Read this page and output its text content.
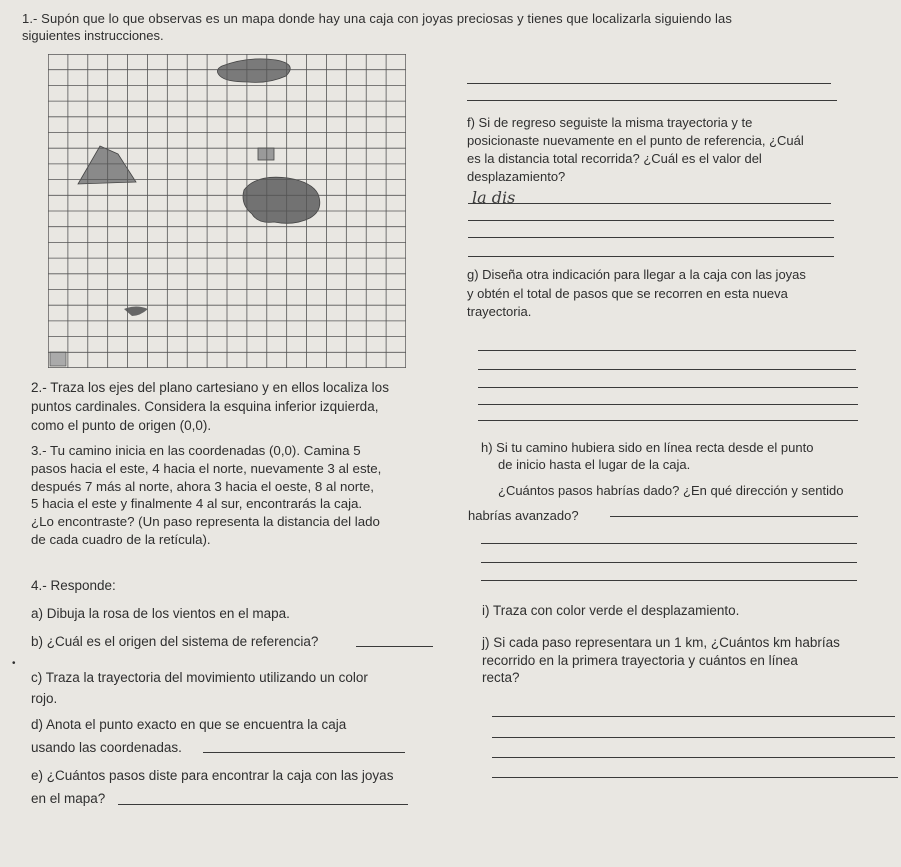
1.- Supón que lo que observas es un mapa donde hay una caja con joyas preciosas y tienes que localizarla siguiendo las
siguientes instrucciones.
f) Si de regreso seguiste la misma trayectoria y te
posicionaste nuevamente en el punto de referencia, ¿Cuál
es la distancia total recorrida? ¿Cuál es el valor del
desplazamiento?
la dis
g) Diseña otra indicación para llegar a la caja con las joyas
y obtén el total de pasos que se recorren en esta nueva
trayectoria.
2.- Traza los ejes del plano cartesiano y en ellos localiza los
puntos cardinales. Considera la esquina inferior izquierda,
como el punto de origen (0,0).
3.- Tu camino inicia en las coordenadas (0,0). Camina 5
pasos hacia el este, 4 hacia el norte, nuevamente 3 al este,
después 7 más al norte, ahora 3 hacia el oeste, 8 al norte,
5 hacia el este y finalmente 4 al sur, encontrarás la caja.
¿Lo encontraste? (Un paso representa la distancia del lado
de cada cuadro de la retícula).
h) Si tu camino hubiera sido en línea recta desde el punto
de inicio hasta el lugar de la caja.
¿Cuántos pasos habrías dado? ¿En qué dirección y sentido
habrías avanzado?
4.- Responde:
a) Dibuja la rosa de los vientos en el mapa.
b) ¿Cuál es el origen del sistema de referencia?
•
c) Traza la trayectoria del movimiento utilizando un color
rojo.
d) Anota el punto exacto en que se encuentra la caja
usando las coordenadas.
e) ¿Cuántos pasos diste para encontrar la caja con las joyas
en el mapa?
i) Traza con color verde el desplazamiento.
j) Si cada paso representara un 1 km, ¿Cuántos km habrías
recorrido en la primera trayectoria y cuántos en línea
recta?
